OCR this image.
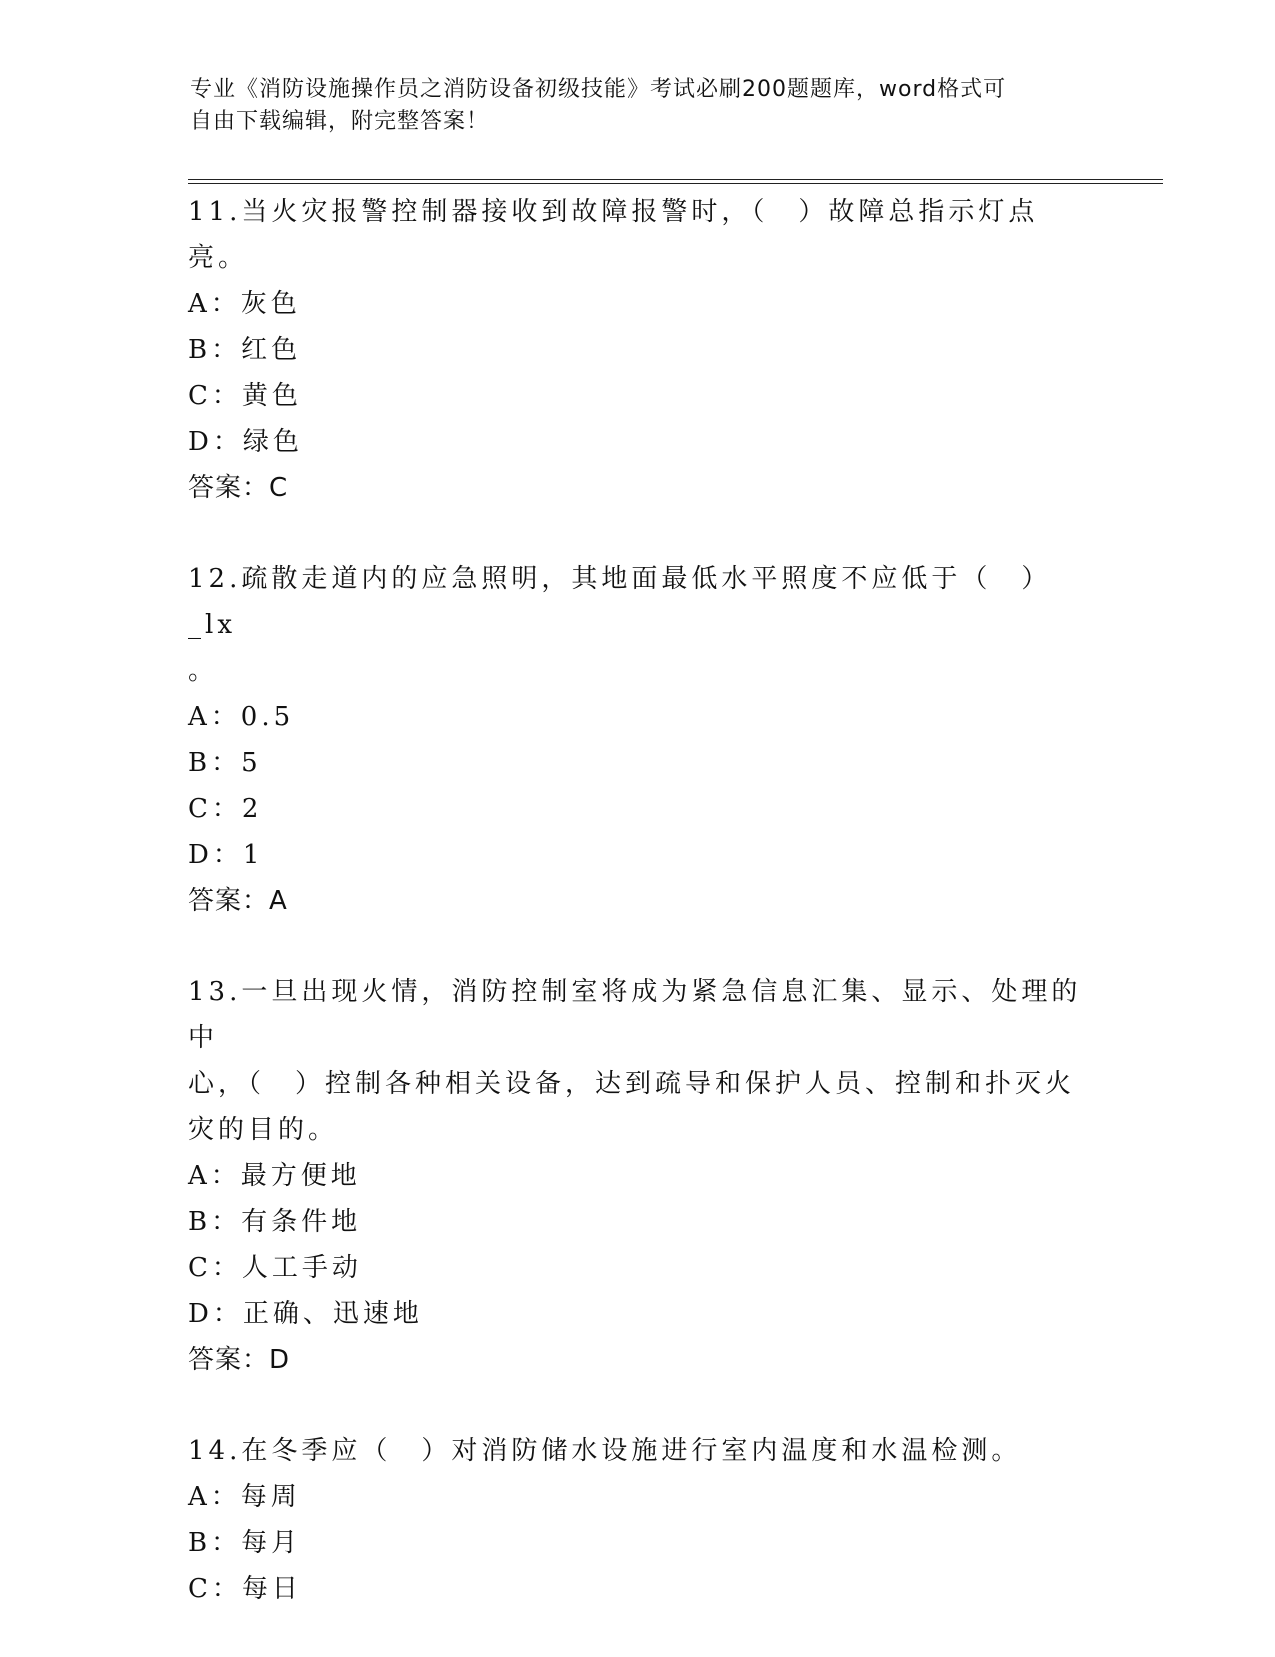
专业《消防设施操作员之消防设备初级技能》考试必刷200题题库，word格式可
自由下载编辑，附完整答案！
11.当火灾报警控制器接收到故障报警时，（　）故障总指示灯点亮。
A：灰色
B：红色
C：黄色
D：绿色
答案：C
12.疏散走道内的应急照明，其地面最低水平照度不应低于（　）_lx
。
A：0.5
B：5
C：2
D：1
答案：A
13.一旦出现火情，消防控制室将成为紧急信息汇集、显示、处理的中
心，（　）控制各种相关设备，达到疏导和保护人员、控制和扑灭火
灾的目的。
A：最方便地
B：有条件地
C：人工手动
D：正确、迅速地
答案：D
14.在冬季应（　）对消防储水设施进行室内温度和水温检测。
A：每周
B：每月
C：每日
